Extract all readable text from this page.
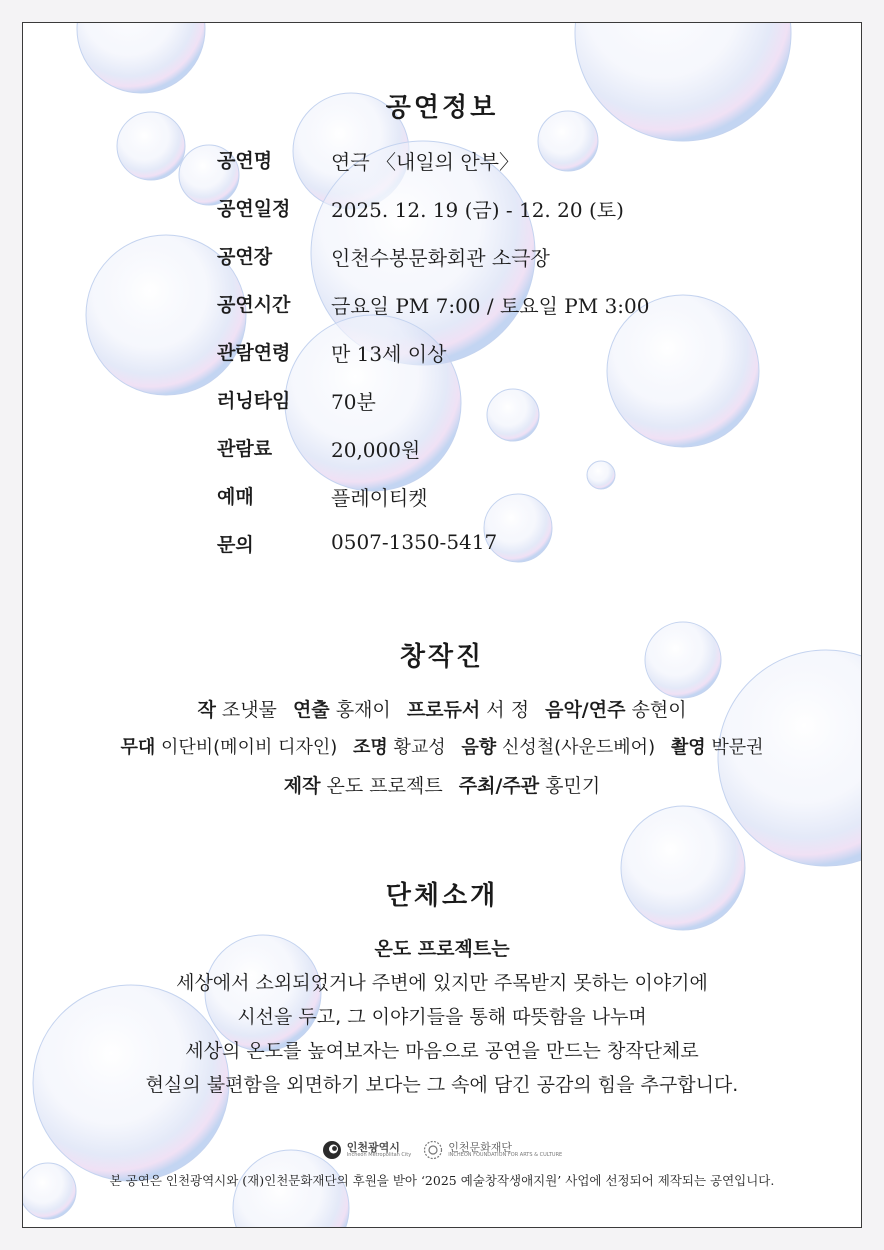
공연정보
공연명	연극 〈내일의 안부〉
공연일정	2025. 12. 19 (금) - 12. 20 (토)
공연장	인천수봉문화회관 소극장
공연시간	금요일 PM 7:00 / 토요일 PM 3:00
관람연령	만 13세 이상
러닝타임	70분
관람료	20,000원
예매	플레이티켓
문의	0507-1350-5417
창작진
작 조냇물 연출 홍재이 프로듀서 서 정 음악/연주 송현이
무대 이단비(메이비 디자인) 조명 황교성 음향 신성철(사운드베어) 촬영 박문권
제작 온도 프로젝트 주최/주관 홍민기
단체소개
온도 프로젝트는
세상에서 소외되었거나 주변에 있지만 주목받지 못하는 이야기에
시선을 두고, 그 이야기들을 통해 따뜻함을 나누며
세상의 온도를 높여보자는 마음으로 공연을 만드는 창작단체로
현실의 불편함을 외면하기 보다는 그 속에 담긴 공감의 힘을 추구합니다.
인천광역시
Incheon Metropolitan City
인천문화재단
INCHEON FOUNDATION FOR ARTS & CULTURE
본 공연은 인천광역시와 (재)인천문화재단의 후원을 받아 ‘2025 예술창작생애지원’ 사업에 선정되어 제작되는 공연입니다.
